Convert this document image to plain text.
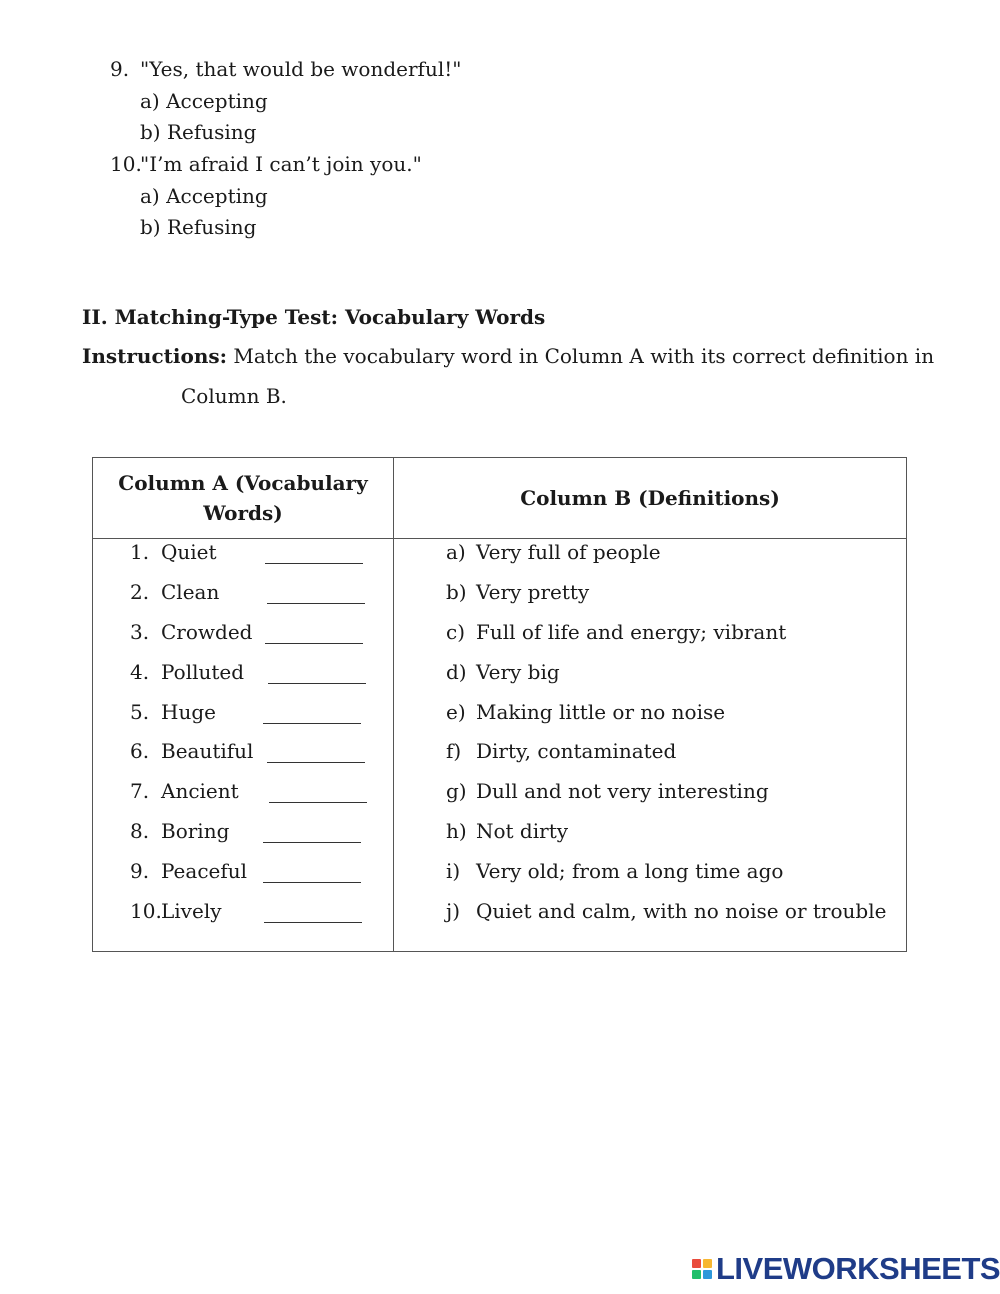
9. "Yes, that would be wonderful!"
a) Accepting
b) Refusing
10.
"I’m afraid I can’t join you."
a) Accepting
b) Refusing
II. Matching-Type Test: Vocabulary Words
Instructions: Match the vocabulary word in Column A with its correct definition in
Column B.
Column A (Vocabulary Words)
Column B (Definitions)
1. Quiet
2. Clean
3. Crowded
4. Polluted
5. Huge
6. Beautiful
7. Ancient
8. Boring
9. Peaceful
10. Lively
a) Very full of people
b) Very pretty
c) Full of life and energy; vibrant
d) Very big
e) Making little or no noise
f) Dirty, contaminated
g) Dull and not very interesting
h) Not dirty
i) Very old; from a long time ago
j) Quiet and calm, with no noise or trouble
LIVEWORKSHEETS
